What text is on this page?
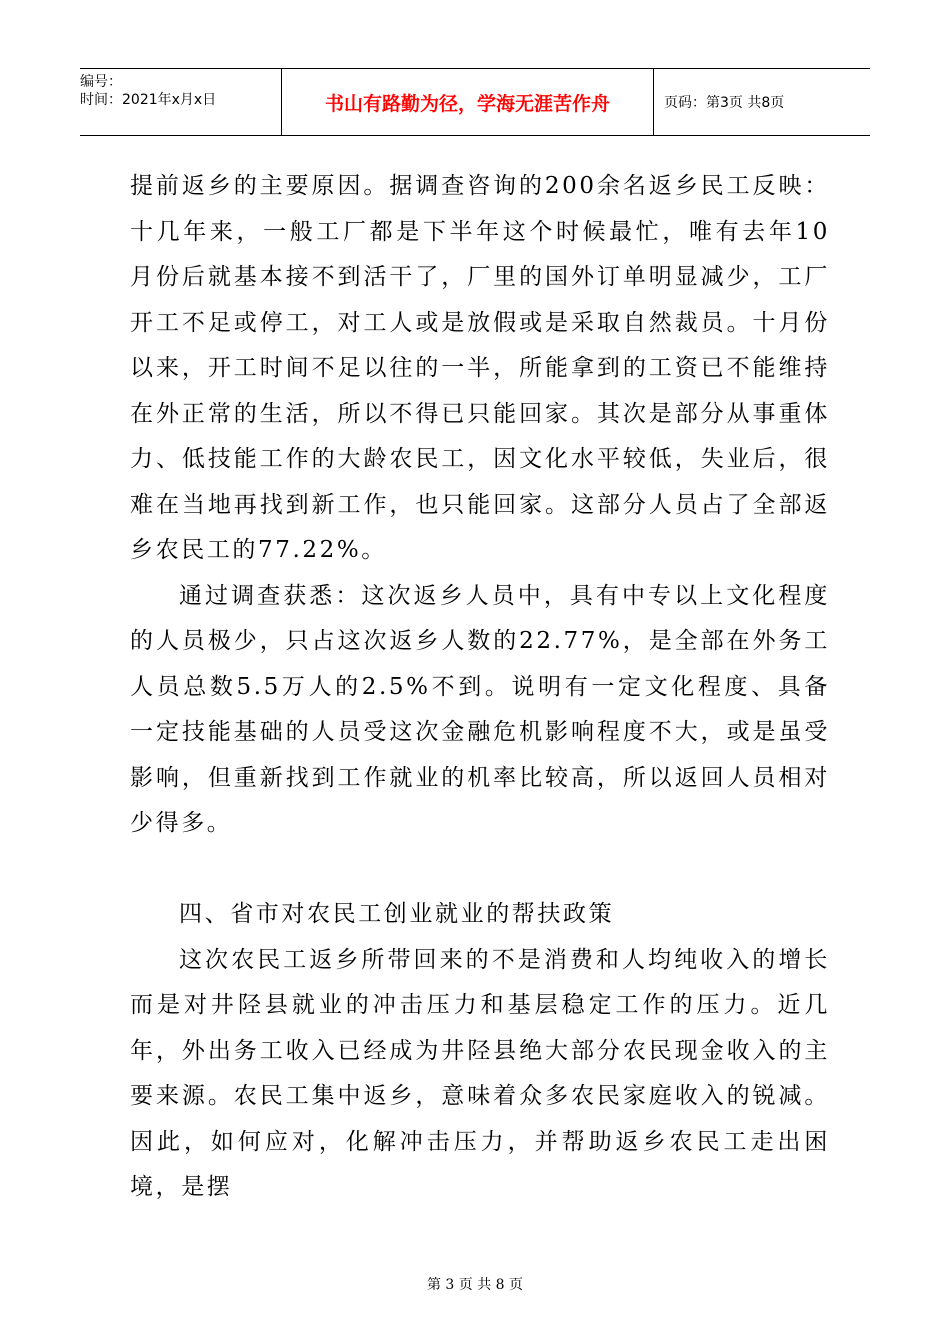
编号：
时间：2021年x月x日	书山有路勤为径，学海无涯苦作舟	页码：第3页 共8页

提前返乡的主要原因。据调查咨询的200余名返乡民工反映：十几年来，一般工厂都是下半年这个时候最忙，唯有去年10月份后就基本接不到活干了，厂里的国外订单明显减少，工厂开工不足或停工，对工人或是放假或是采取自然裁员。十月份以来，开工时间不足以往的一半，所能拿到的工资已不能维持在外正常的生活，所以不得已只能回家。其次是部分从事重体力、低技能工作的大龄农民工，因文化水平较低，失业后，很难在当地再找到新工作，也只能回家。这部分人员占了全部返乡农民工的77.22%。

通过调查获悉：这次返乡人员中，具有中专以上文化程度的人员极少，只占这次返乡人数的22.77%，是全部在外务工人员总数5.5万人的2.5%不到。说明有一定文化程度、具备一定技能基础的人员受这次金融危机影响程度不大，或是虽受影响，但重新找到工作就业的机率比较高，所以返回人员相对少得多。

四、省市对农民工创业就业的帮扶政策

这次农民工返乡所带回来的不是消费和人均纯收入的增长而是对井陉县就业的冲击压力和基层稳定工作的压力。近几年，外出务工收入已经成为井陉县绝大部分农民现金收入的主要来源。农民工集中返乡，意味着众多农民家庭收入的锐减。因此，如何应对，化解冲击压力，并帮助返乡农民工走出困境，是摆

第 3 页 共 8 页
